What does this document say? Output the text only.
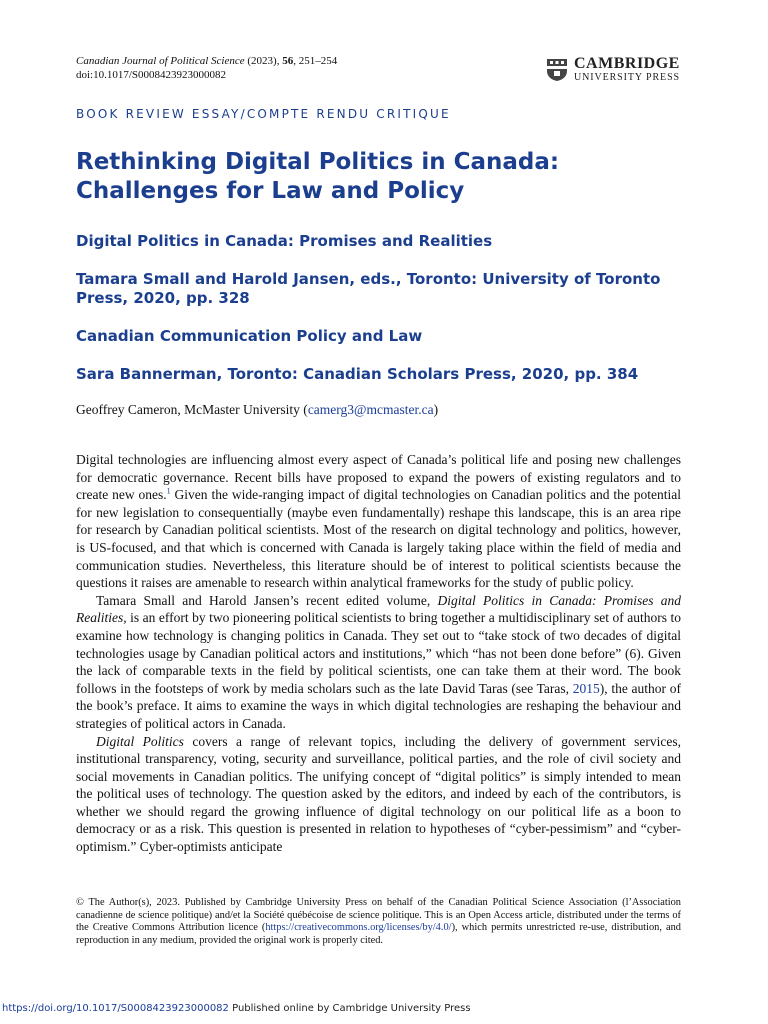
Canadian Journal of Political Science (2023), 56, 251–254
doi:10.1017/S0008423923000082
CAMBRIDGE
UNIVERSITY PRESS
BOOK REVIEW ESSAY/COMPTE RENDU CRITIQUE
Rethinking Digital Politics in Canada: Challenges for Law and Policy
Digital Politics in Canada: Promises and Realities
Tamara Small and Harold Jansen, eds., Toronto: University of Toronto Press, 2020, pp. 328
Canadian Communication Policy and Law
Sara Bannerman, Toronto: Canadian Scholars Press, 2020, pp. 384
Geoffrey Cameron, McMaster University (camerg3@mcmaster.ca)

Digital technologies are influencing almost every aspect of Canada’s political life and posing new challenges for democratic governance. Recent bills have proposed to expand the powers of existing regulators and to create new ones.$^1$ Given the wide-ranging impact of digital technologies on Canadian politics and the potential for new legislation to consequentially (maybe even fundamentally) reshape this landscape, this is an area ripe for research by Canadian political scientists. Most of the research on digital technology and politics, however, is US-focused, and that which is concerned with Canada is largely taking place within the field of media and communication studies. Nevertheless, this literature should be of interest to political scientists because the questions it raises are amenable to research within analytical frameworks for the study of public policy.

Tamara Small and Harold Jansen’s recent edited volume, Digital Politics in Canada: Promises and Realities, is an effort by two pioneering political scientists to bring together a multidisciplinary set of authors to examine how technology is changing politics in Canada. They set out to “take stock of two decades of digital technologies usage by Canadian political actors and institutions,” which “has not been done before” (6). Given the lack of comparable texts in the field by political scientists, one can take them at their word. The book follows in the footsteps of work by media scholars such as the late David Taras (see Taras, 2015), the author of the book’s preface. It aims to examine the ways in which digital technologies are reshaping the behaviour and strategies of political actors in Canada.

Digital Politics covers a range of relevant topics, including the delivery of government services, institutional transparency, voting, security and surveillance, political parties, and the role of civil society and social movements in Canadian politics. The unifying concept of “digital politics” is simply intended to mean the political uses of technology. The question asked by the editors, and indeed by each of the contributors, is whether we should regard the growing influence of digital technology on our political life as a boon to democracy or as a risk. This question is presented in relation to hypotheses of “cyber-pessimism” and “cyber-optimism.” Cyber-optimists anticipate

© The Author(s), 2023. Published by Cambridge University Press on behalf of the Canadian Political Science Association (l’Association canadienne de science politique) and/et la Société québécoise de science politique. This is an Open Access article, distributed under the terms of the Creative Commons Attribution licence (https://creativecommons.org/licenses/by/4.0/), which permits unrestricted re-use, distribution, and reproduction in any medium, provided the original work is properly cited.
https://doi.org/10.1017/S0008423923000082 Published online by Cambridge University Press
